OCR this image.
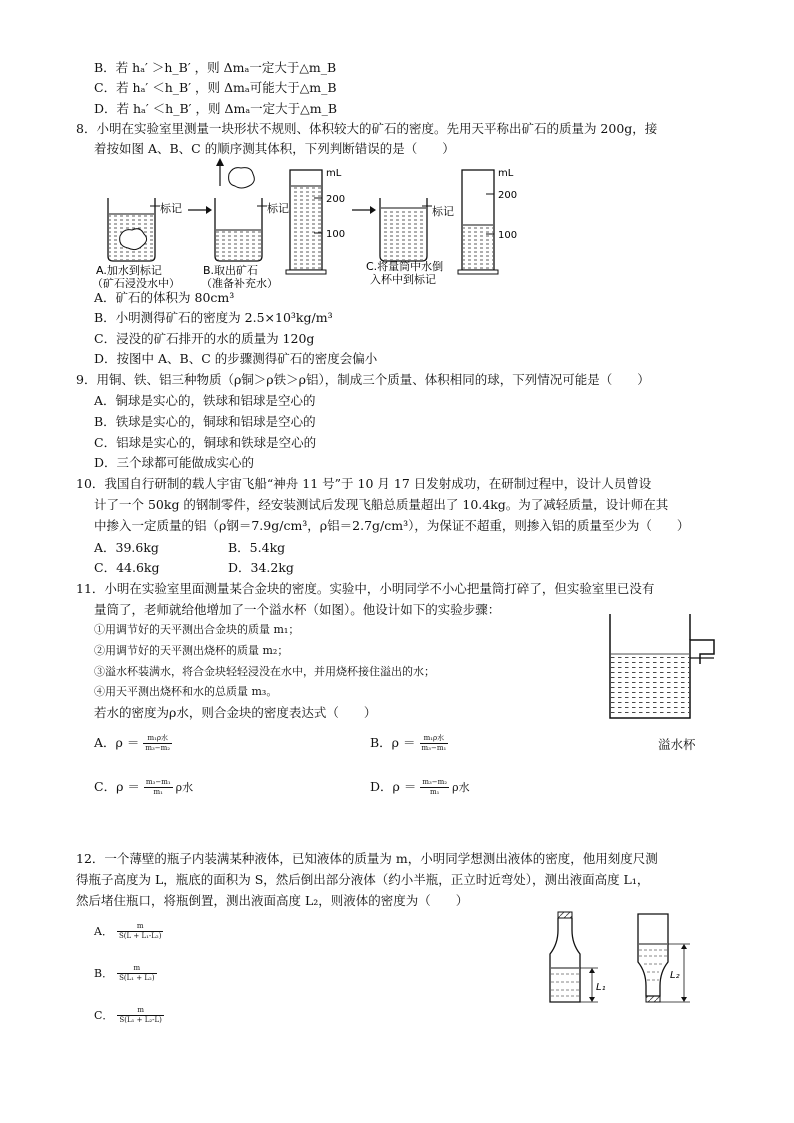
B．若 hₐ′ ＞h_B′ ，则 Δmₐ一定大于△m_B
C．若 hₐ′ ＜h_B′ ，则 Δmₐ可能大于△m_B
D．若 hₐ′ ＜h_B′ ，则 Δmₐ一定大于△m_B
8．小明在实验室里测量一块形状不规则、体积较大的矿石的密度。先用天平称出矿石的质量为 200g，接
着按如图 A、B、C 的顺序测其体积，下列判断错误的是（　　）
标记
A.加水到标记
（矿石浸没水中）
标记
B.取出矿石
（准备补充水）
mL
200
100
标记
C.将量筒中水倒
入杯中到标记
mL
200
100
A．矿石的体积为 80cm³
B．小明测得矿石的密度为 2.5×10³kg/m³
C．浸没的矿石排开的水的质量为 120g
D．按图中 A、B、C 的步骤测得矿石的密度会偏小
9．用铜、铁、铝三种物质（ρ铜＞ρ铁＞ρ铝），制成三个质量、体积相同的球，下列情况可能是（　　）
A．铜球是实心的，铁球和铝球是空心的
B．铁球是实心的，铜球和铝球是空心的
C．铝球是实心的，铜球和铁球是空心的
D．三个球都可能做成实心的
10．我国自行研制的载人宇宙飞船“神舟 11 号”于 10 月 17 日发射成功，在研制过程中，设计人员曾设
计了一个 50kg 的钢制零件，经安装测试后发现飞船总质量超出了 10.4kg。为了减轻质量，设计师在其
中掺入一定质量的铝（ρ钢＝7.9g/cm³，ρ铝＝2.7g/cm³），为保证不超重，则掺入铝的质量至少为（　　）
A．39.6kg	B．5.4kg
C．44.6kg	D．34.2kg
11．小明在实验室里面测量某合金块的密度。实验中，小明同学不小心把量筒打碎了，但实验室里已没有
量筒了，老师就给他增加了一个溢水杯（如图）。他设计如下的实验步骤：
①用调节好的天平测出合金块的质量 m₁；
②用调节好的天平测出烧杯的质量 m₂；
③溢水杯装满水，将合金块轻轻浸没在水中，并用烧杯接住溢出的水；
④用天平测出烧杯和水的总质量 m₃。
若水的密度为ρ水，则合金块的密度表达式（　　）
A．$\rho = \frac{\text{m₁ρ水}}{\text{m₃−m₂}}$	B．$\rho = \frac{\text{m₁ρ水}}{\text{m₃−m₁}}$
C．$\rho = \frac{\text{m₃−m₁}}{\text{m₁}}$ ρ水	D．$\rho = \frac{\text{m₃−m₂}}{\text{m₁}}$ ρ水
溢水杯
12．一个薄壁的瓶子内装满某种液体，已知液体的质量为 m，小明同学想测出液体的密度，他用刻度尺测
得瓶子高度为 L，瓶底的面积为 S，然后倒出部分液体（约小半瓶，正立时近弯处），测出液面高度 L₁，
然后堵住瓶口，将瓶倒置，测出液面高度 L₂，则液体的密度为（　　）
A． $\frac{m}{\text{S(L + L₁-L₂)}}$
B． $\frac{m}{\text{S(L₁ + L₂)}}$
C． $\frac{m}{\text{S(L₁ + L₂-L)}}$
L₁
L₂
